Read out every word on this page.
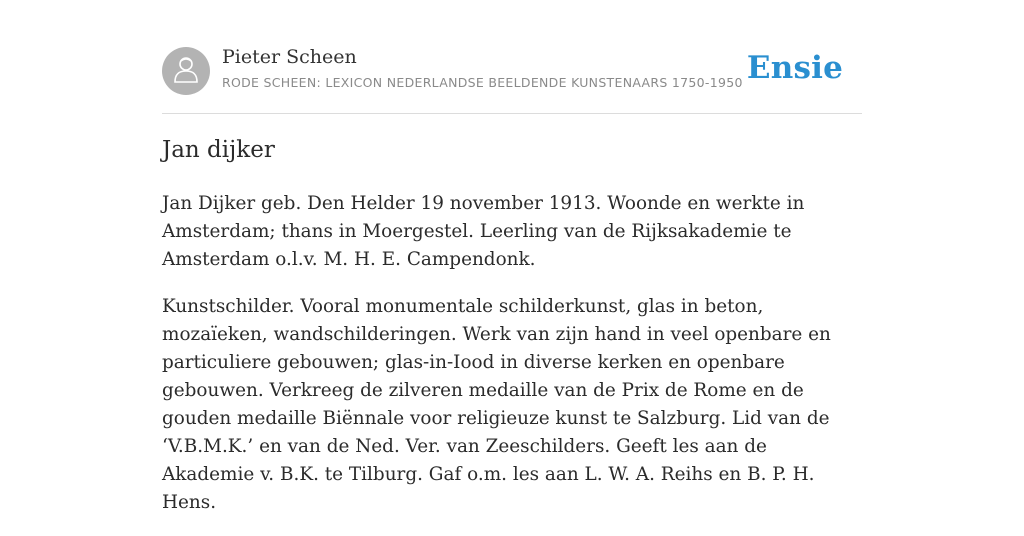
Pieter Scheen
RODE SCHEEN: LEXICON NEDERLANDSE BEELDENDE KUNSTENAARS 1750-1950 Ensie
Jan dijker

Jan Dijker geb. Den Helder 19 november 1913. Woonde en werkte in Amsterdam; thans in Moergestel. Leerling van de Rijksakademie te Amsterdam o.l.v. M. H. E. Campendonk.

Kunstschilder. Vooral monumentale schilderkunst, glas in beton, mozaïeken, wandschilderingen. Werk van zijn hand in veel openbare en particuliere gebouwen; glas-in-Iood in diverse kerken en openbare gebouwen. Verkreeg de zilveren medaille van de Prix de Rome en de gouden medaille Biënnale voor religieuze kunst te Salzburg. Lid van de ‘V.B.M.K.’ en van de Ned. Ver. van Zeeschilders. Geeft les aan de Akademie v. B.K. te Tilburg. Gaf o.m. les aan L. W. A. Reihs en B. P. H. Hens.
